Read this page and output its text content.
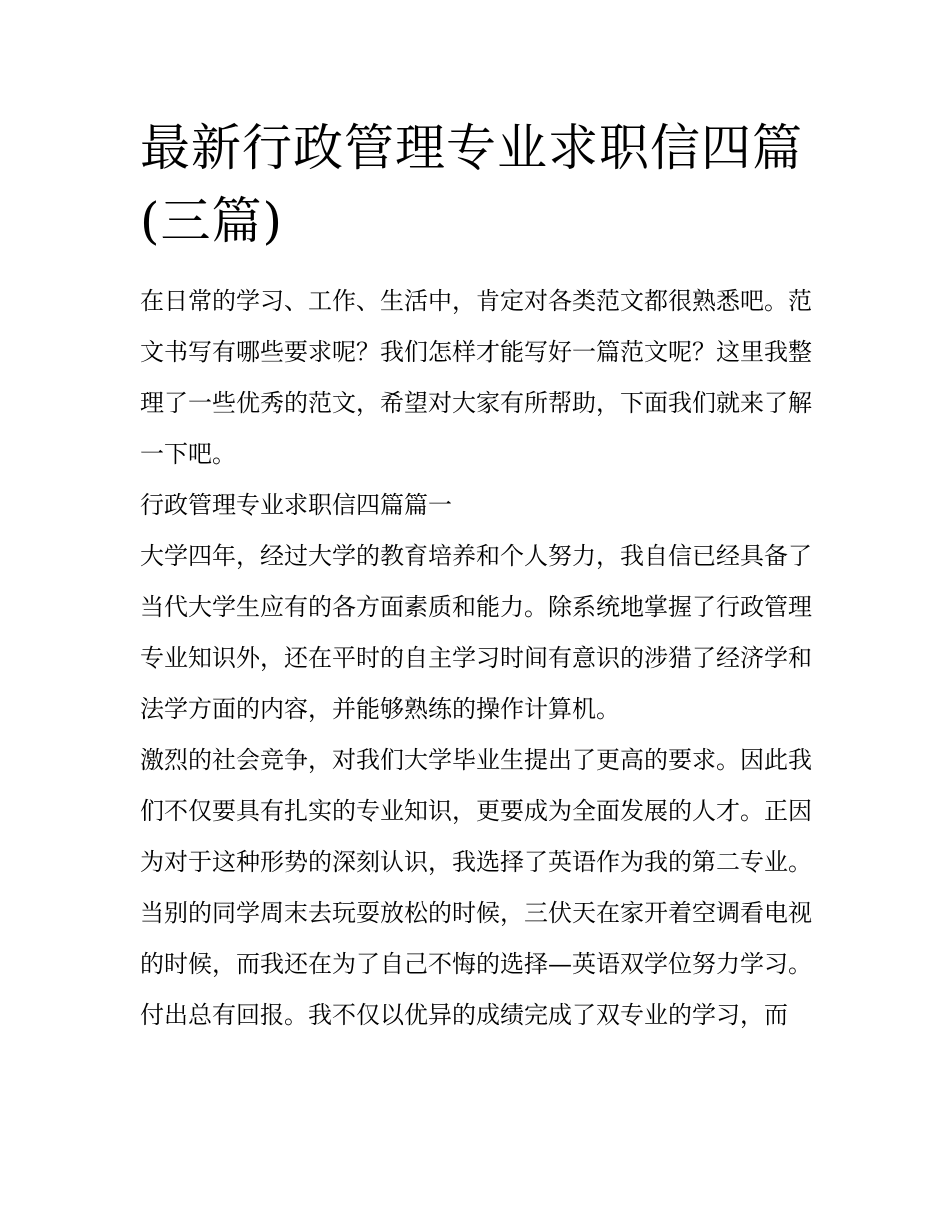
最新行政管理专业求职信四篇(三篇)

在日常的学习、工作、生活中，肯定对各类范文都很熟悉吧。范文书写有哪些要求呢？我们怎样才能写好一篇范文呢？这里我整理了一些优秀的范文，希望对大家有所帮助，下面我们就来了解一下吧。

行政管理专业求职信四篇篇一

大学四年，经过大学的教育培养和个人努力，我自信已经具备了当代大学生应有的各方面素质和能力。除系统地掌握了行政管理专业知识外，还在平时的自主学习时间有意识的涉猎了经济学和法学方面的内容，并能够熟练的操作计算机。

激烈的社会竞争，对我们大学毕业生提出了更高的要求。因此我们不仅要具有扎实的专业知识，更要成为全面发展的人才。正因为对于这种形势的深刻认识，我选择了英语作为我的第二专业。当别的同学周末去玩耍放松的时候，三伏天在家开着空调看电视的时候，而我还在为了自己不悔的选择—英语双学位努力学习。

付出总有回报。我不仅以优异的成绩完成了双专业的学习，而
